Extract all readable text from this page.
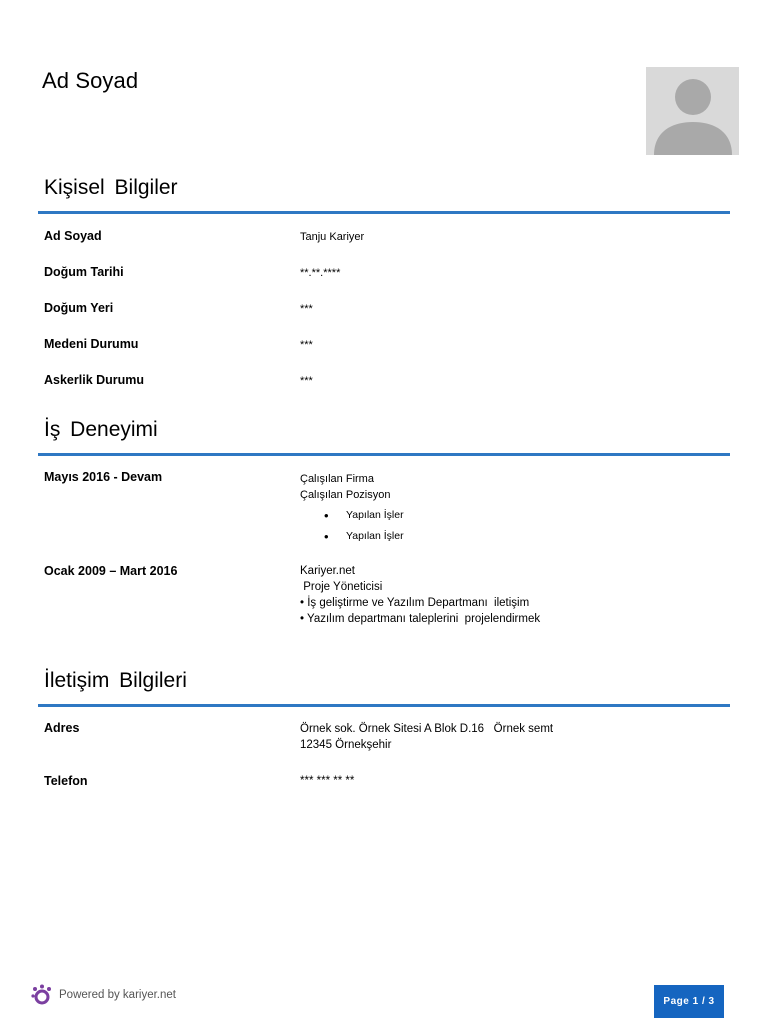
Ad Soyad
Kişisel Bilgiler
Ad Soyad	Tanju Kariyer
Doğum Tarihi	**.**.****
Doğum Yeri	***
Medeni Durumu	***
Askerlik Durumu	***
İş Deneyimi
Mayıs 2016 - Devam	Çalışılan Firma
Çalışılan Pozisyon
• Yapılan İşler
• Yapılan İşler
Ocak 2009 – Mart 2016	Kariyer.net
Proje Yöneticisi
• İş geliştirme ve Yazılım Departmanı  iletişim
• Yazılım departmanı taleplerini  projelendirmek
İletişim Bilgileri
Adres	Örnek sok. Örnek Sitesi A Blok D.16   Örnek semt
12345 Örnekşehir
Telefon	*** *** ** **
Powered by kariyer.net
Page 1 / 3
